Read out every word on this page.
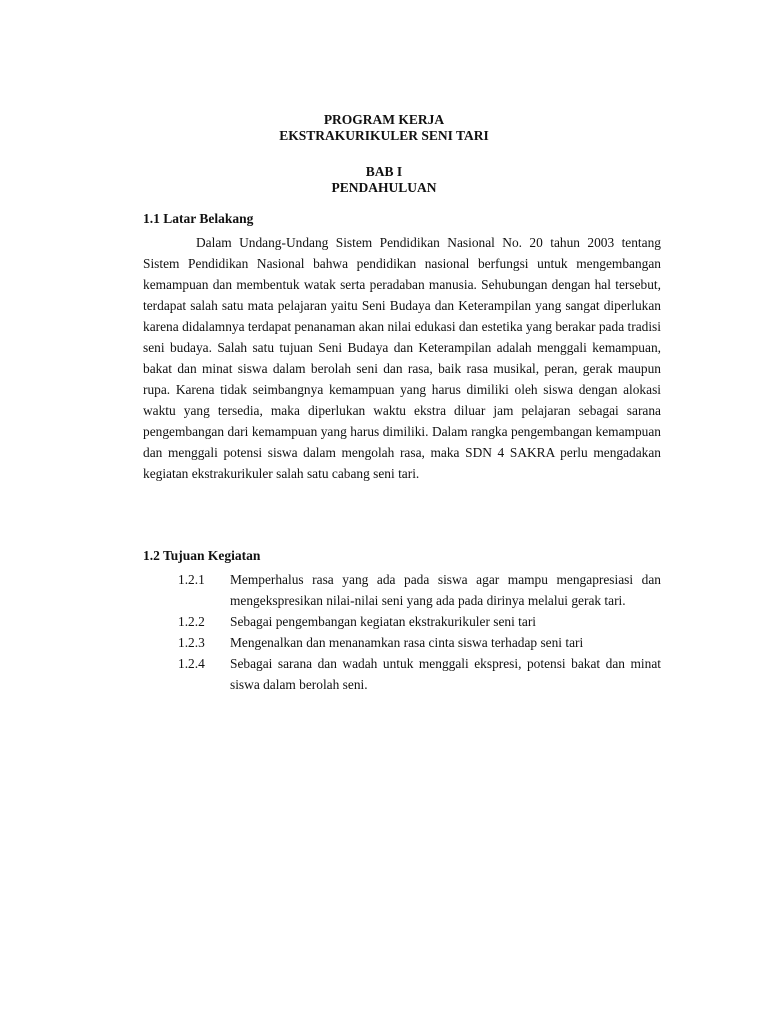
PROGRAM KERJA
EKSTRAKURIKULER SENI TARI
BAB I
PENDAHULUAN
1.1 Latar Belakang

Dalam Undang-Undang Sistem Pendidikan Nasional No. 20 tahun 2003 tentang Sistem Pendidikan Nasional bahwa pendidikan nasional berfungsi untuk mengembangan kemampuan dan membentuk watak serta peradaban manusia. Sehubungan dengan hal tersebut, terdapat salah satu mata pelajaran yaitu Seni Budaya dan Keterampilan yang sangat diperlukan karena didalamnya terdapat penanaman akan nilai edukasi dan estetika yang berakar pada tradisi seni budaya. Salah satu tujuan Seni Budaya dan Keterampilan adalah menggali kemampuan, bakat dan minat siswa dalam berolah seni dan rasa, baik rasa musikal, peran, gerak maupun rupa. Karena tidak seimbangnya kemampuan yang harus dimiliki oleh siswa dengan alokasi waktu yang tersedia, maka diperlukan waktu ekstra diluar jam pelajaran sebagai sarana pengembangan dari kemampuan yang harus dimiliki. Dalam rangka pengembangan kemampuan dan menggali potensi siswa dalam mengolah rasa, maka SDN 4 SAKRA perlu mengadakan kegiatan ekstrakurikuler salah satu cabang seni tari.

1.2 Tujuan Kegiatan
1.2.1 Memperhalus rasa yang ada pada siswa agar mampu mengapresiasi dan mengekspresikan nilai-nilai seni yang ada pada dirinya melalui gerak tari.
1.2.2 Sebagai pengembangan kegiatan ekstrakurikuler seni tari
1.2.3 Mengenalkan dan menanamkan rasa cinta siswa terhadap seni tari
1.2.4 Sebagai sarana dan wadah untuk menggali ekspresi, potensi bakat dan minat siswa dalam berolah seni.
